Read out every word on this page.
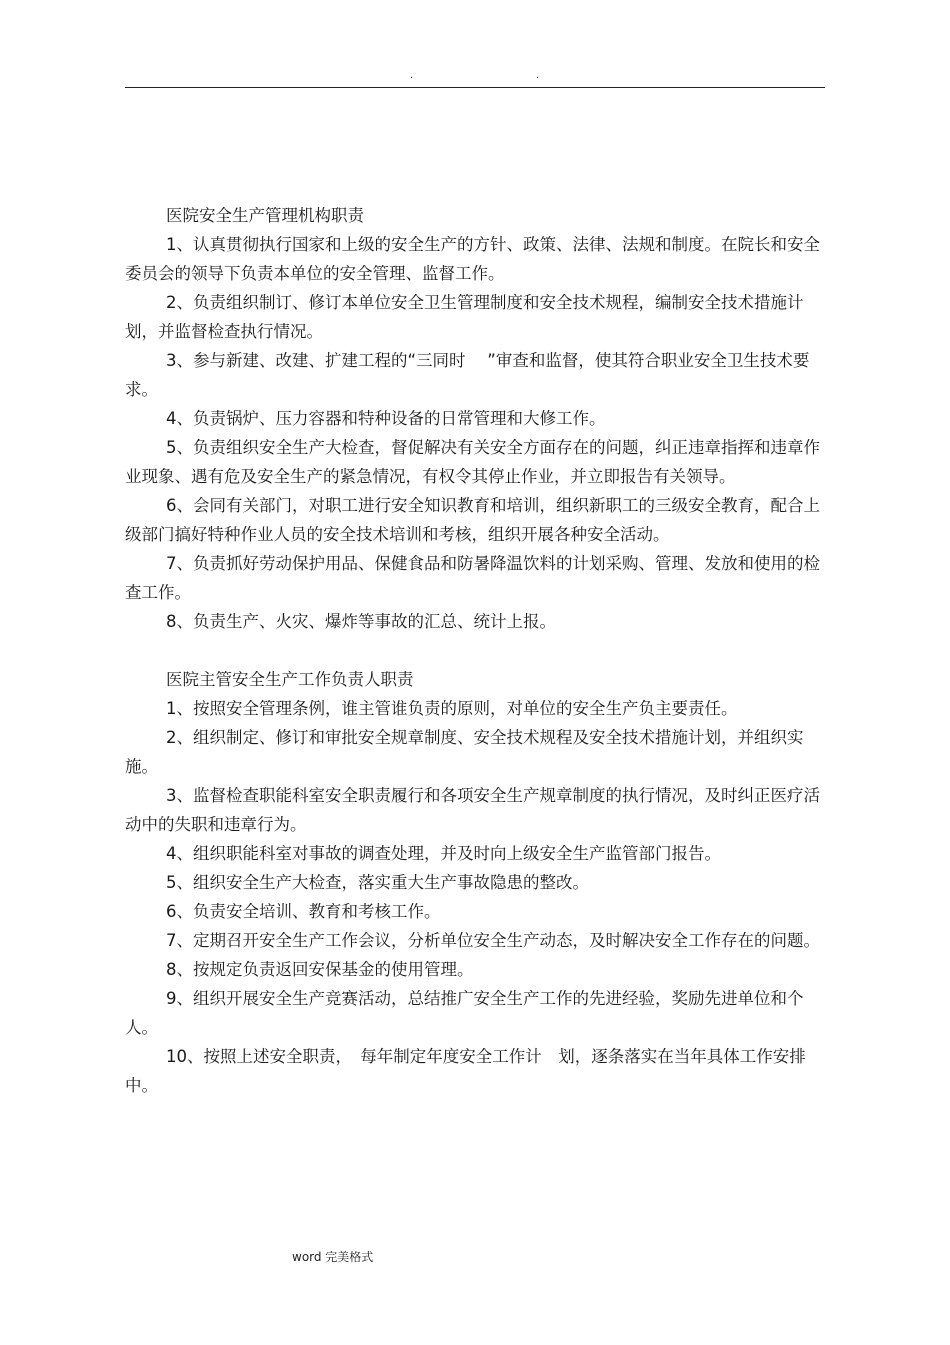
.	.
医院安全生产管理机构职责

1、认真贯彻执行国家和上级的安全生产的方针、政策、法律、法规和制度。在院长和安全委员会的领导下负责本单位的安全管理、监督工作。

2、负责组织制订、修订本单位安全卫生管理制度和安全技术规程，编制安全技术措施计划，并监督检查执行情况。

3、参与新建、改建、扩建工程的“三同时　 ”审查和监督，使其符合职业安全卫生技术要求。

4、负责锅炉、压力容器和特种设备的日常管理和大修工作。

5、负责组织安全生产大检查，督促解决有关安全方面存在的问题，纠正违章指挥和违章作业现象、遇有危及安全生产的紧急情况，有权令其停止作业，并立即报告有关领导。

6、会同有关部门，对职工进行安全知识教育和培训，组织新职工的三级安全教育，配合上级部门搞好特种作业人员的安全技术培训和考核，组织开展各种安全活动。

7、负责抓好劳动保护用品、保健食品和防暑降温饮料的计划采购、管理、发放和使用的检查工作。

8、负责生产、火灾、爆炸等事故的汇总、统计上报。

医院主管安全生产工作负责人职责

1、按照安全管理条例，谁主管谁负责的原则，对单位的安全生产负主要责任。

2、组织制定、修订和审批安全规章制度、安全技术规程及安全技术措施计划，并组织实施。

3、监督检查职能科室安全职责履行和各项安全生产规章制度的执行情况，及时纠正医疗活动中的失职和违章行为。

4、组织职能科室对事故的调查处理，并及时向上级安全生产监管部门报告。

5、组织安全生产大检查，落实重大生产事故隐患的整改。

6、负责安全培训、教育和考核工作。

7、定期召开安全生产工作会议，分析单位安全生产动态，及时解决安全工作存在的问题。

8、按规定负责返回安保基金的使用管理。

9、组织开展安全生产竞赛活动，总结推广安全生产工作的先进经验，奖励先进单位和个人。

10、按照上述安全职责，　每年制定年度安全工作计　划，逐条落实在当年具体工作安排中。

word 完美格式
